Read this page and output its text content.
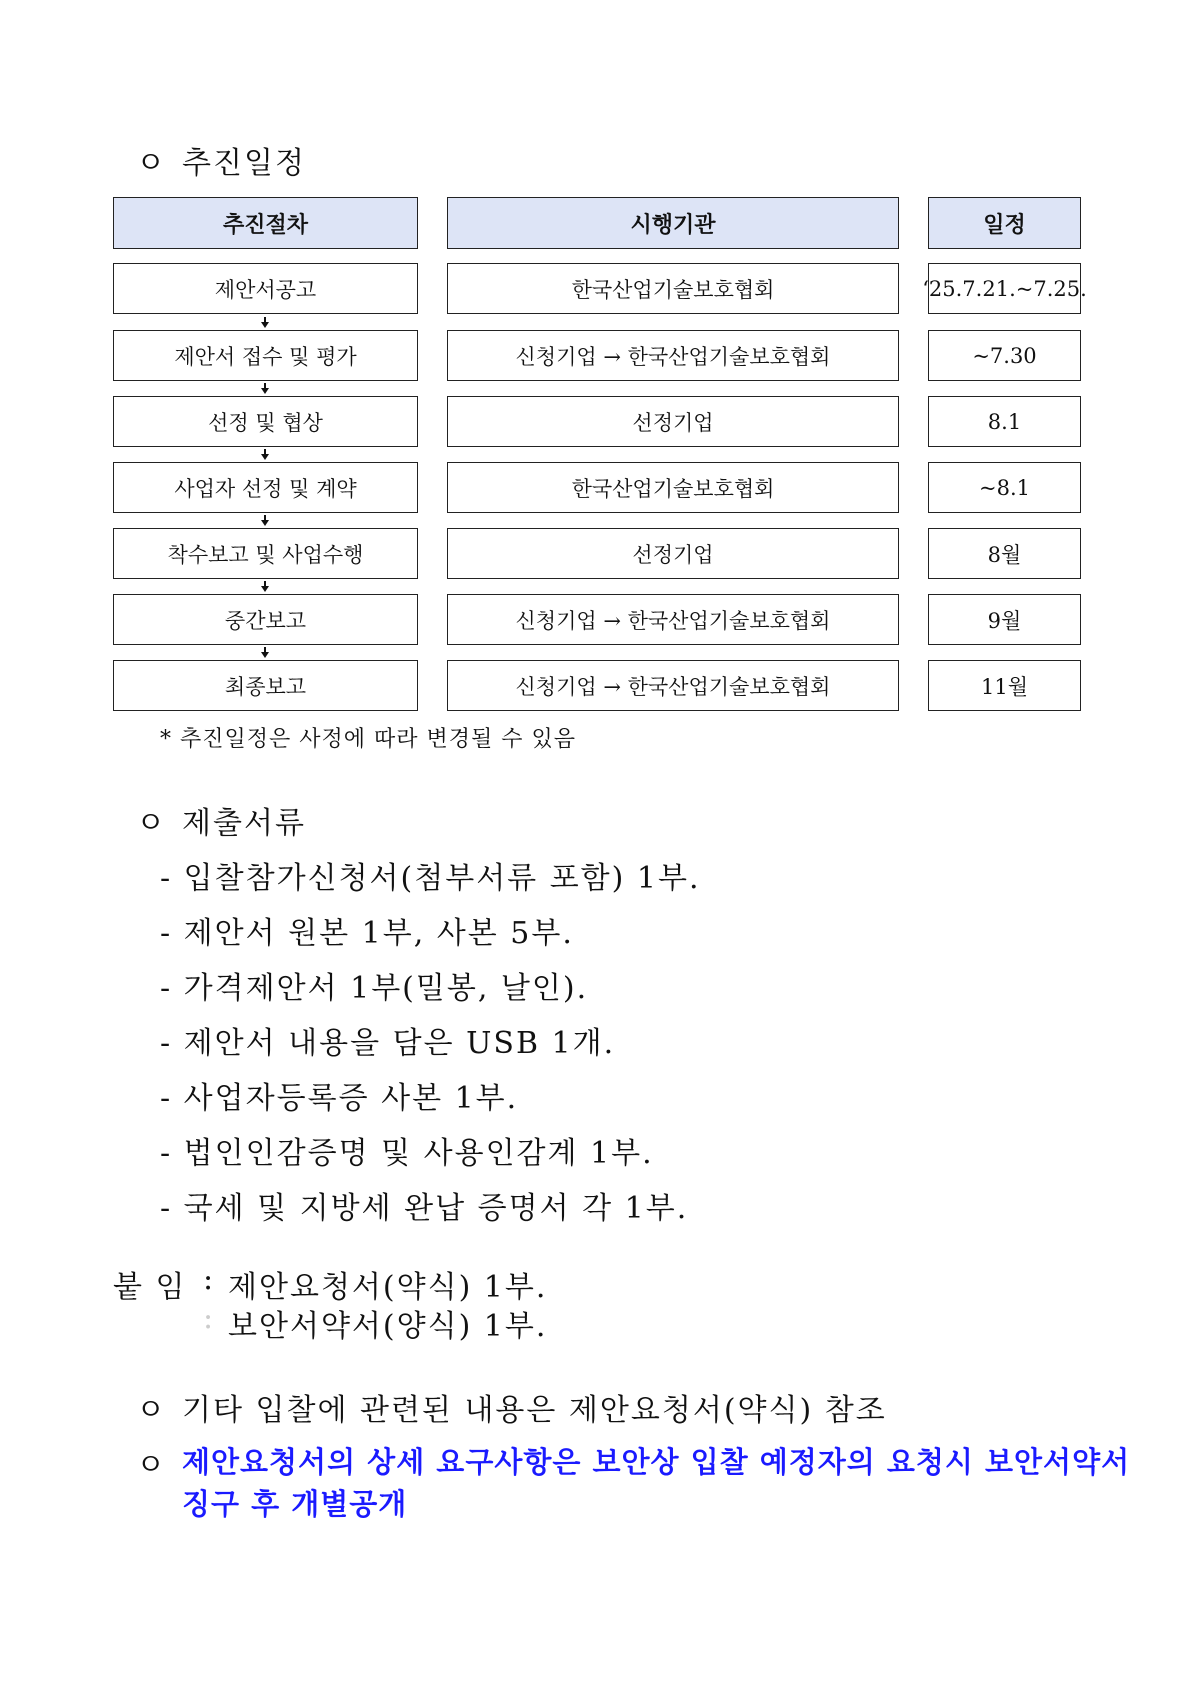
ㅇ 추진일정
추진절차	시행기관	일정
제안서공고	한국산업기술보호협회	‘25.7.21.~7.25.
제안서 접수 및 평가	신청기업 → 한국산업기술보호협회	~7.30
선정 및 협상	선정기업	8.1
사업자 선정 및 계약	한국산업기술보호협회	~8.1
착수보고 및 사업수행	선정기업	8월
중간보고	신청기업 → 한국산업기술보호협회	9월
최종보고	신청기업 → 한국산업기술보호협회	11월
* 추진일정은 사정에 따라 변경될 수 있음
ㅇ 제출서류
- 입찰참가신청서(첨부서류 포함) 1부.
- 제안서 원본 1부, 사본 5부.
- 가격제안서 1부(밀봉, 날인).
- 제안서 내용을 담은 USB 1개.
- 사업자등록증 사본 1부.
- 법인인감증명 및 사용인감계 1부.
- 국세 및 지방세 완납 증명서 각 1부.
붙 임 : 제안요청서(약식) 1부.
: 보안서약서(양식) 1부.
ㅇ 기타 입찰에 관련된 내용은 제안요청서(약식) 참조
ㅇ 제안요청서의 상세 요구사항은 보안상 입찰 예정자의 요청시 보안서약서
징구 후 개별공개
